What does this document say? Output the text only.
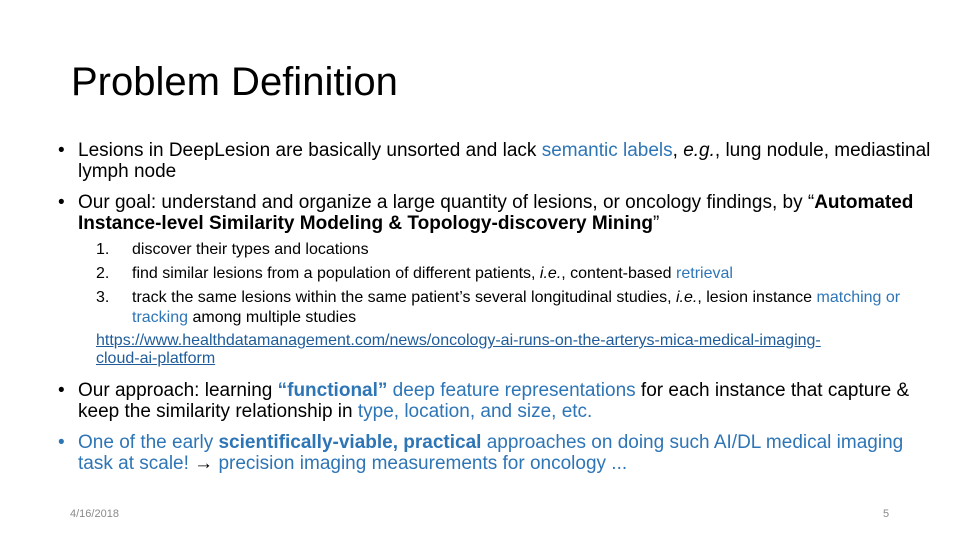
Problem Definition
• Lesions in DeepLesion are basically unsorted and lack semantic labels, e.g., lung nodule, mediastinal lymph node
• Our goal: understand and organize a large quantity of lesions, or oncology findings, by “Automated Instance-level Similarity Modeling & Topology-discovery Mining”
1. discover their types and locations
2. find similar lesions from a population of different patients, i.e., content-based retrieval
3. track the same lesions within the same patient’s several longitudinal studies, i.e., lesion instance matching or tracking among multiple studies
https://www.healthdatamanagement.com/news/oncology-ai-runs-on-the-arterys-mica-medical-imaging-cloud-ai-platform
• Our approach: learning “functional” deep feature representations for each instance that capture & keep the similarity relationship in type, location, and size, etc.
• One of the early scientifically-viable, practical approaches on doing such AI/DL medical imaging task at scale! → precision imaging measurements for oncology ...
4/16/2018	5
